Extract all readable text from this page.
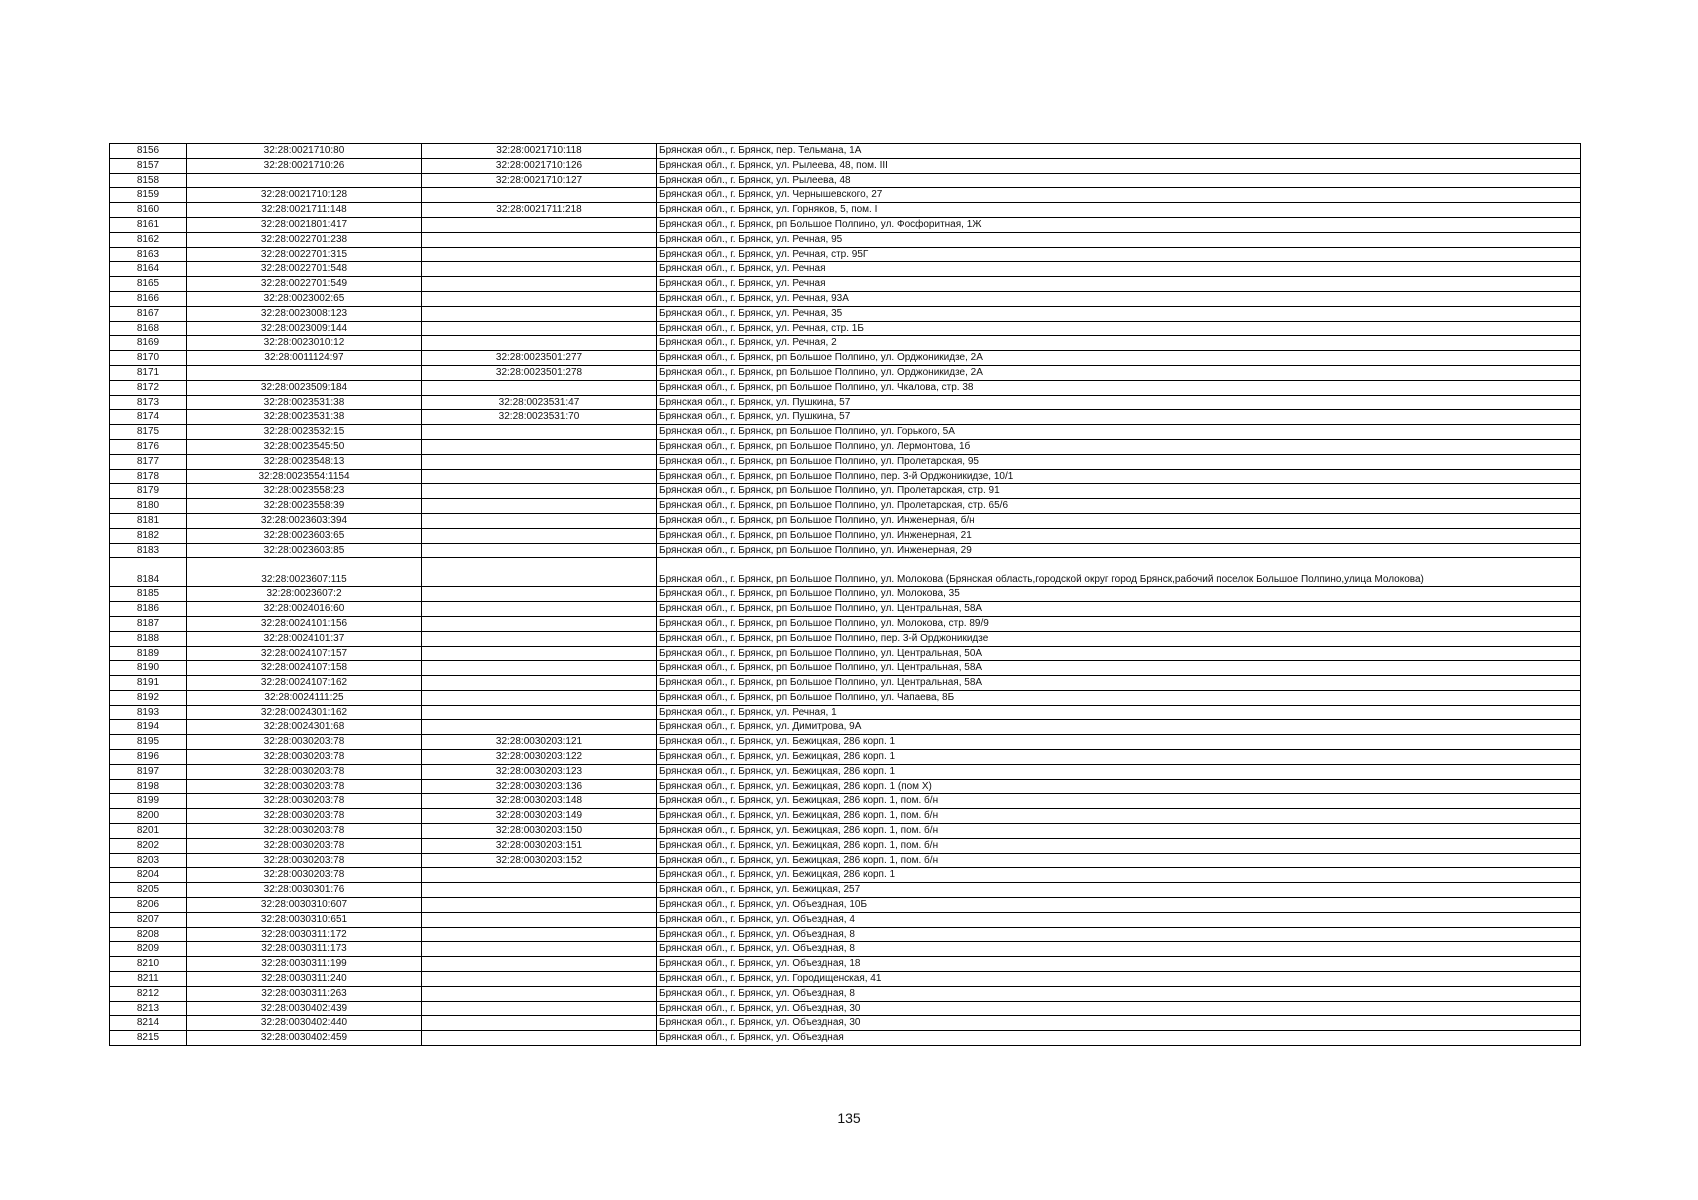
8156	32:28:0021710:80	32:28:0021710:118	Брянская обл., г. Брянск, пер. Тельмана, 1А
8157	32:28:0021710:26	32:28:0021710:126	Брянская обл., г. Брянск, ул. Рылеева, 48, пом. III
8158		32:28:0021710:127	Брянская обл., г. Брянск, ул. Рылеева, 48
8159	32:28:0021710:128		Брянская обл., г. Брянск, ул. Чернышевского, 27
8160	32:28:0021711:148	32:28:0021711:218	Брянская обл., г. Брянск, ул. Горняков, 5, пом. I
8161	32:28:0021801:417		Брянская обл., г. Брянск, рп Большое Полпино, ул. Фосфоритная, 1Ж
8162	32:28:0022701:238		Брянская обл., г. Брянск, ул. Речная, 95
8163	32:28:0022701:315		Брянская обл., г. Брянск, ул. Речная, стр. 95Г
8164	32:28:0022701:548		Брянская обл., г. Брянск, ул. Речная
8165	32:28:0022701:549		Брянская обл., г. Брянск, ул. Речная
8166	32:28:0023002:65		Брянская обл., г. Брянск, ул. Речная, 93А
8167	32:28:0023008:123		Брянская обл., г. Брянск, ул. Речная, 35
8168	32:28:0023009:144		Брянская обл., г. Брянск, ул. Речная, стр. 1Б
8169	32:28:0023010:12		Брянская обл., г. Брянск, ул. Речная, 2
8170	32:28:0011124:97	32:28:0023501:277	Брянская обл., г. Брянск, рп Большое Полпино, ул. Орджоникидзе, 2А
8171		32:28:0023501:278	Брянская обл., г. Брянск, рп Большое Полпино, ул. Орджоникидзе, 2А
8172	32:28:0023509:184		Брянская обл., г. Брянск, рп Большое Полпино, ул. Чкалова, стр. 38
8173	32:28:0023531:38	32:28:0023531:47	Брянская обл., г. Брянск, ул. Пушкина, 57
8174	32:28:0023531:38	32:28:0023531:70	Брянская обл., г. Брянск, ул. Пушкина, 57
8175	32:28:0023532:15		Брянская обл., г. Брянск, рп Большое Полпино, ул. Горького, 5А
8176	32:28:0023545:50		Брянская обл., г. Брянск, рп Большое Полпино, ул. Лермонтова, 1б
8177	32:28:0023548:13		Брянская обл., г. Брянск, рп Большое Полпино, ул. Пролетарская, 95
8178	32:28:0023554:1154		Брянская обл., г. Брянск, рп Большое Полпино, пер. 3-й Орджоникидзе, 10/1
8179	32:28:0023558:23		Брянская обл., г. Брянск, рп Большое Полпино, ул. Пролетарская, стр. 91
8180	32:28:0023558:39		Брянская обл., г. Брянск, рп Большое Полпино, ул. Пролетарская, стр. 65/6
8181	32:28:0023603:394		Брянская обл., г. Брянск, рп Большое Полпино, ул. Инженерная, б/н
8182	32:28:0023603:65		Брянская обл., г. Брянск, рп Большое Полпино, ул. Инженерная, 21
8183	32:28:0023603:85		Брянская обл., г. Брянск, рп Большое Полпино, ул. Инженерная, 29
8184	32:28:0023607:115		Брянская обл., г. Брянск, рп Большое Полпино, ул. Молокова (Брянская область,городской округ город Брянск,рабочий поселок Большое Полпино,улица Молокова)
8185	32:28:0023607:2		Брянская обл., г. Брянск, рп Большое Полпино, ул. Молокова, 35
8186	32:28:0024016:60		Брянская обл., г. Брянск, рп Большое Полпино, ул. Центральная, 58А
8187	32:28:0024101:156		Брянская обл., г. Брянск, рп Большое Полпино, ул. Молокова, стр. 89/9
8188	32:28:0024101:37		Брянская обл., г. Брянск, рп Большое Полпино, пер. 3-й Орджоникидзе
8189	32:28:0024107:157		Брянская обл., г. Брянск, рп Большое Полпино, ул. Центральная, 50А
8190	32:28:0024107:158		Брянская обл., г. Брянск, рп Большое Полпино, ул. Центральная, 58А
8191	32:28:0024107:162		Брянская обл., г. Брянск, рп Большое Полпино, ул. Центральная, 58А
8192	32:28:0024111:25		Брянская обл., г. Брянск, рп Большое Полпино, ул. Чапаева, 8Б
8193	32:28:0024301:162		Брянская обл., г. Брянск, ул. Речная, 1
8194	32:28:0024301:68		Брянская обл., г. Брянск, ул. Димитрова, 9А
8195	32:28:0030203:78	32:28:0030203:121	Брянская обл., г. Брянск, ул. Бежицкая, 286 корп. 1
8196	32:28:0030203:78	32:28:0030203:122	Брянская обл., г. Брянск, ул. Бежицкая, 286 корп. 1
8197	32:28:0030203:78	32:28:0030203:123	Брянская обл., г. Брянск, ул. Бежицкая, 286 корп. 1
8198	32:28:0030203:78	32:28:0030203:136	Брянская обл., г. Брянск, ул. Бежицкая, 286 корп. 1 (пом X)
8199	32:28:0030203:78	32:28:0030203:148	Брянская обл., г. Брянск, ул. Бежицкая, 286 корп. 1, пом. б/н
8200	32:28:0030203:78	32:28:0030203:149	Брянская обл., г. Брянск, ул. Бежицкая, 286 корп. 1, пом. б/н
8201	32:28:0030203:78	32:28:0030203:150	Брянская обл., г. Брянск, ул. Бежицкая, 286 корп. 1, пом. б/н
8202	32:28:0030203:78	32:28:0030203:151	Брянская обл., г. Брянск, ул. Бежицкая, 286 корп. 1, пом. б/н
8203	32:28:0030203:78	32:28:0030203:152	Брянская обл., г. Брянск, ул. Бежицкая, 286 корп. 1, пом. б/н
8204	32:28:0030203:78		Брянская обл., г. Брянск, ул. Бежицкая, 286 корп. 1
8205	32:28:0030301:76		Брянская обл., г. Брянск, ул. Бежицкая, 257
8206	32:28:0030310:607		Брянская обл., г. Брянск, ул. Объездная, 10Б
8207	32:28:0030310:651		Брянская обл., г. Брянск, ул. Объездная, 4
8208	32:28:0030311:172		Брянская обл., г. Брянск, ул. Объездная, 8
8209	32:28:0030311:173		Брянская обл., г. Брянск, ул. Объездная, 8
8210	32:28:0030311:199		Брянская обл., г. Брянск, ул. Объездная, 18
8211	32:28:0030311:240		Брянская обл., г. Брянск, ул. Городищенская, 41
8212	32:28:0030311:263		Брянская обл., г. Брянск, ул. Объездная, 8
8213	32:28:0030402:439		Брянская обл., г. Брянск, ул. Объездная, 30
8214	32:28:0030402:440		Брянская обл., г. Брянск, ул. Объездная, 30
8215	32:28:0030402:459		Брянская обл., г. Брянск, ул. Объездная
135
